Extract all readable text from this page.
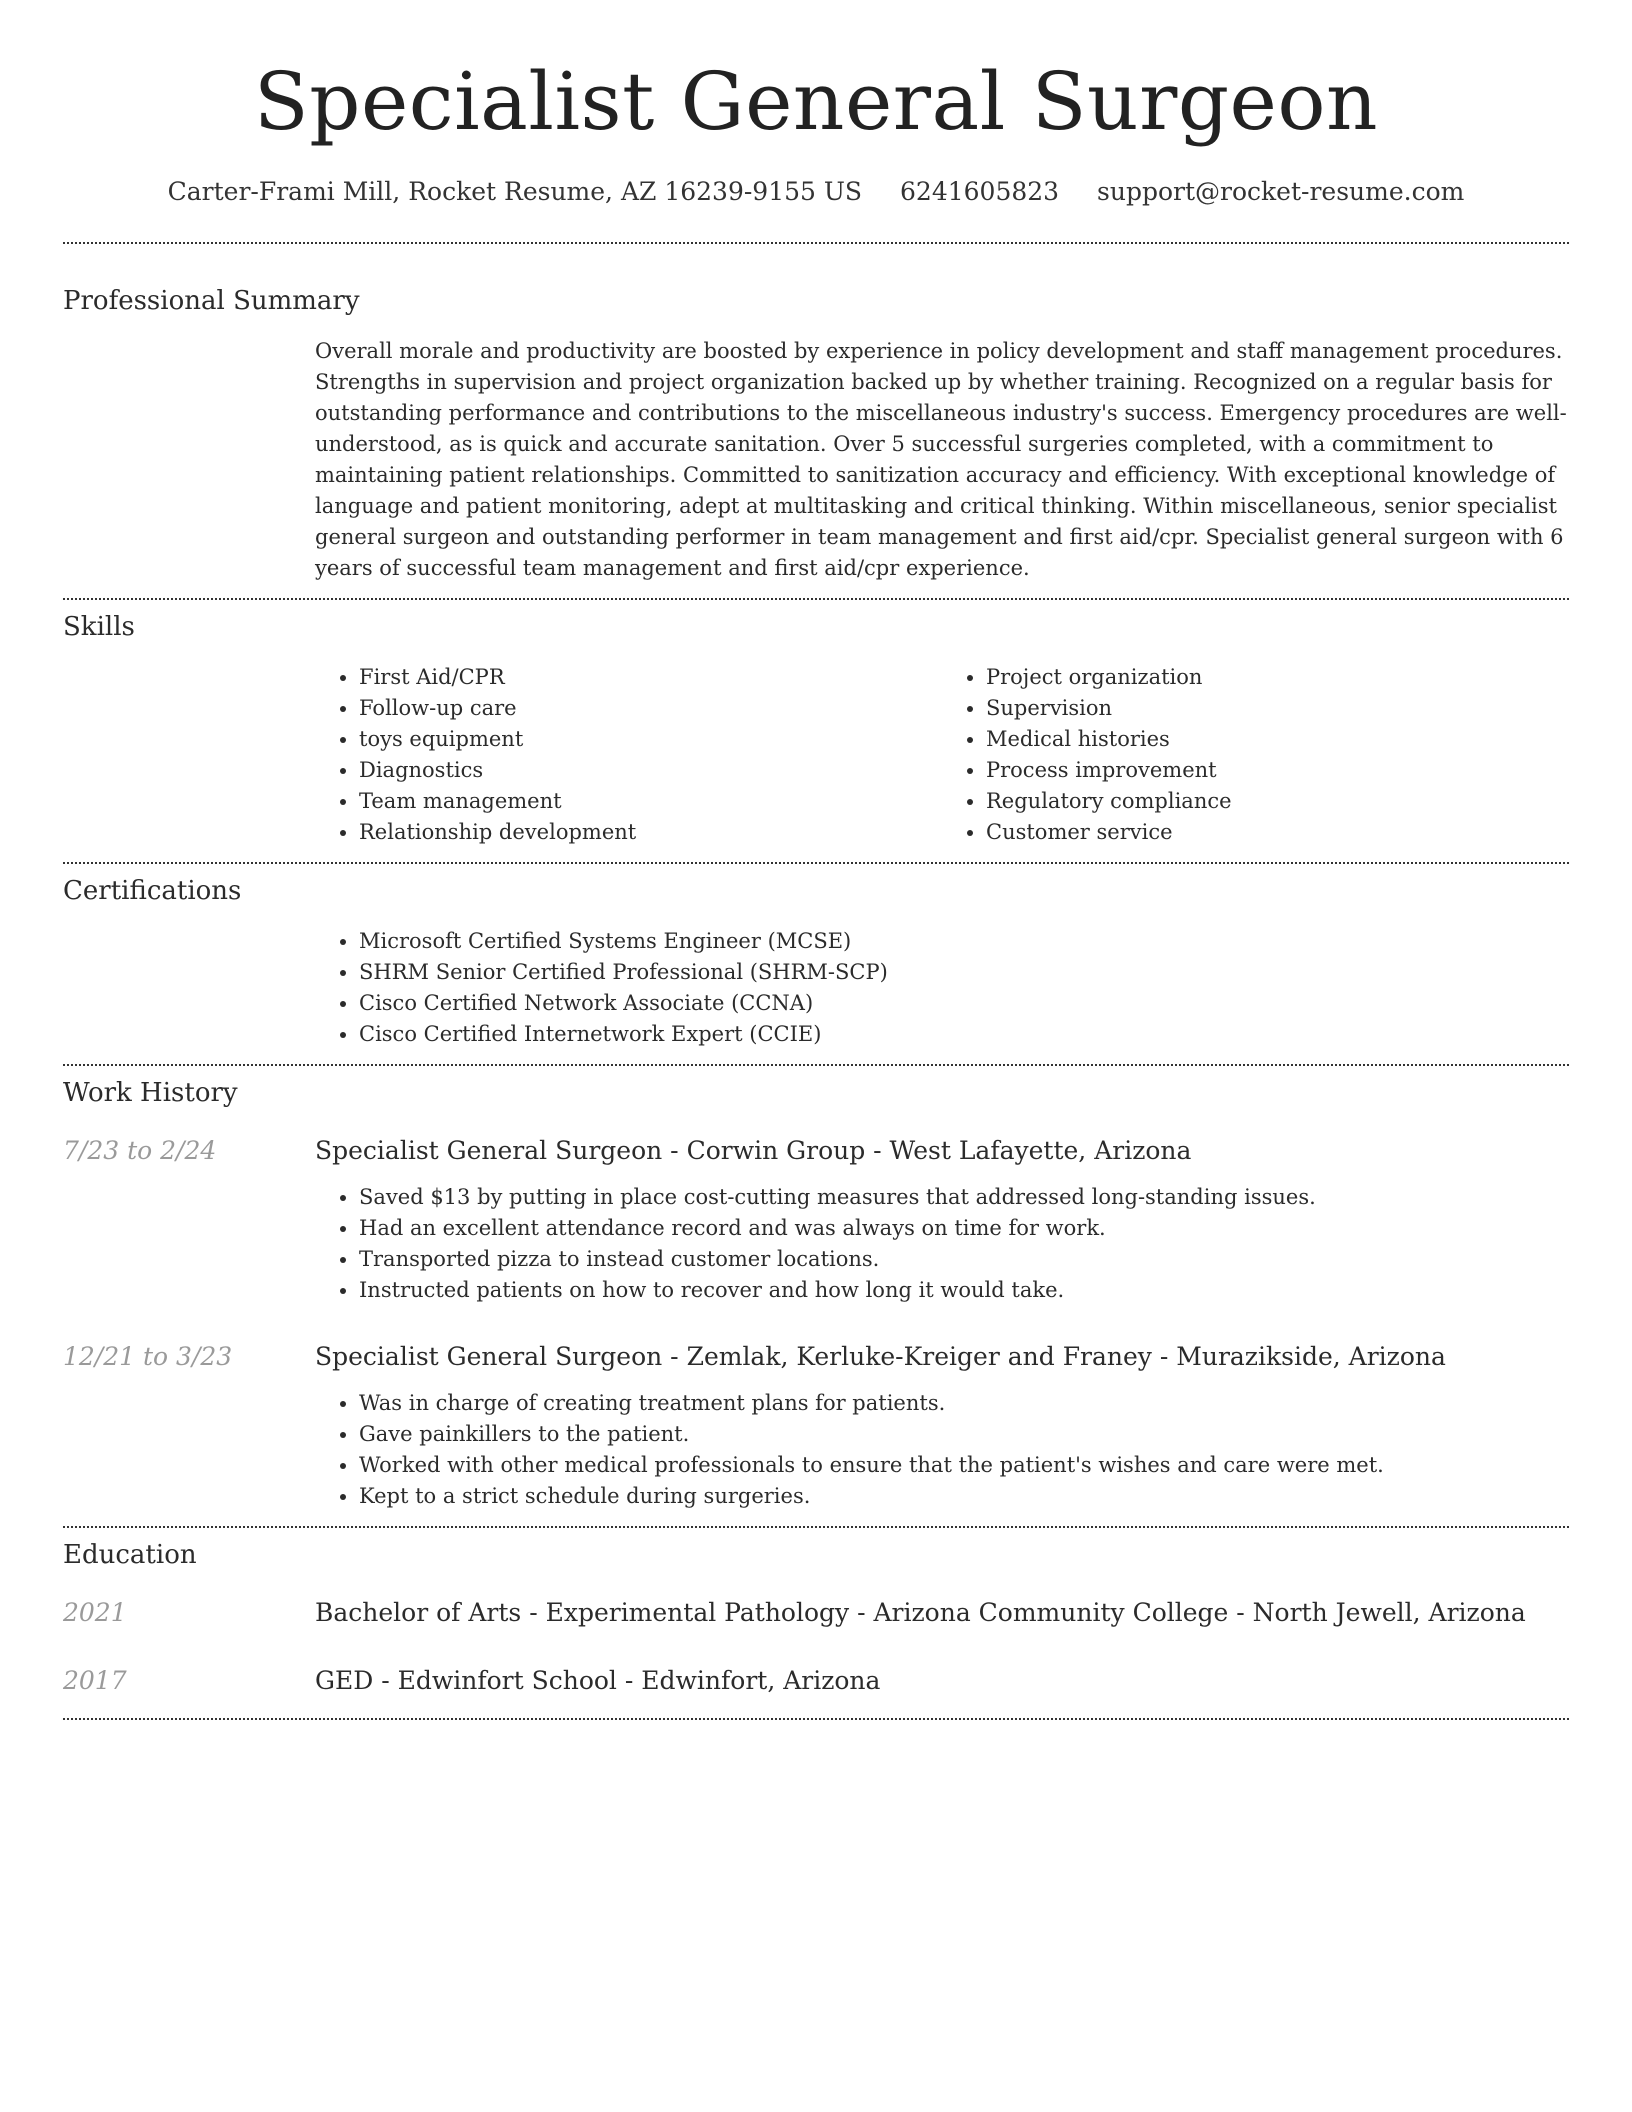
Specialist General Surgeon
Carter-Frami Mill, Rocket Resume, AZ 16239-9155 US 6241605823 support@rocket-resume.com
Professional Summary
Overall morale and productivity are boosted by experience in policy development and staff management procedures. Strengths in supervision and project organization backed up by whether training. Recognized on a regular basis for outstanding performance and contributions to the miscellaneous industry's success. Emergency procedures are well-understood, as is quick and accurate sanitation. Over 5 successful surgeries completed, with a commitment to maintaining patient relationships. Committed to sanitization accuracy and efficiency. With exceptional knowledge of language and patient monitoring, adept at multitasking and critical thinking. Within miscellaneous, senior specialist general surgeon and outstanding performer in team management and first aid/cpr. Specialist general surgeon with 6 years of successful team management and first aid/cpr experience.
Skills
• First Aid/CPR
• Follow-up care
• toys equipment
• Diagnostics
• Team management
• Relationship development
• Project organization
• Supervision
• Medical histories
• Process improvement
• Regulatory compliance
• Customer service
Certifications
• Microsoft Certified Systems Engineer (MCSE)
• SHRM Senior Certified Professional (SHRM-SCP)
• Cisco Certified Network Associate (CCNA)
• Cisco Certified Internetwork Expert (CCIE)
Work History
7/23 to 2/24	Specialist General Surgeon - Corwin Group - West Lafayette, Arizona
• Saved $13 by putting in place cost-cutting measures that addressed long-standing issues.
• Had an excellent attendance record and was always on time for work.
• Transported pizza to instead customer locations.
• Instructed patients on how to recover and how long it would take.
12/21 to 3/23	Specialist General Surgeon - Zemlak, Kerluke-Kreiger and Franey - Murazikside, Arizona
• Was in charge of creating treatment plans for patients.
• Gave painkillers to the patient.
• Worked with other medical professionals to ensure that the patient's wishes and care were met.
• Kept to a strict schedule during surgeries.
Education
2021	Bachelor of Arts - Experimental Pathology - Arizona Community College - North Jewell, Arizona
2017	GED - Edwinfort School - Edwinfort, Arizona
